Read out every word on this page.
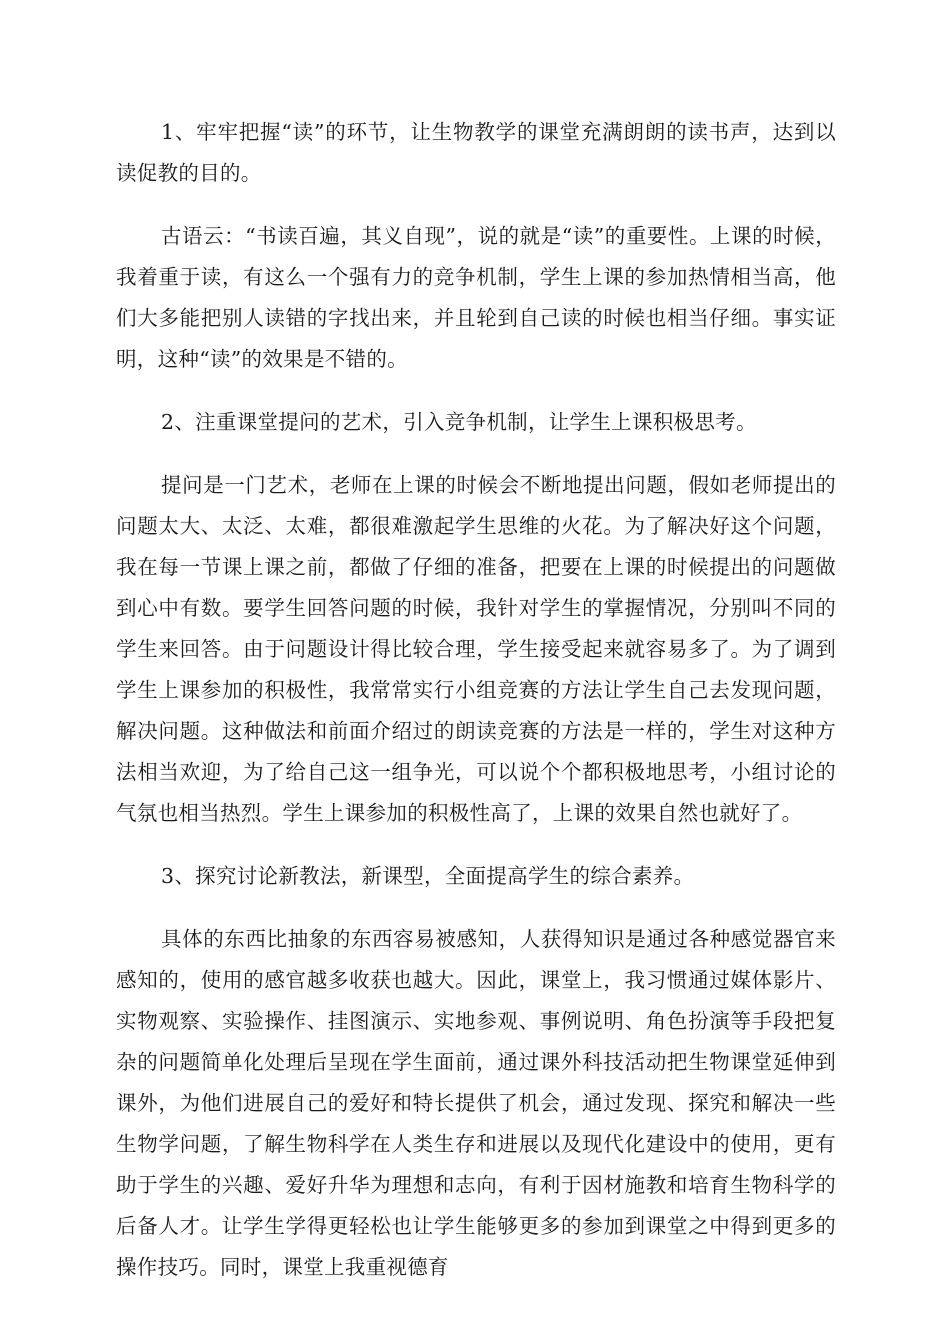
1、牢牢把握“读”的环节，让生物教学的课堂充满朗朗的读书声，达到以读促教的目的。

古语云：“书读百遍，其义自现”，说的就是“读”的重要性。上课的时候，我着重于读，有这么一个强有力的竞争机制，学生上课的参加热情相当高，他们大多能把别人读错的字找出来，并且轮到自己读的时候也相当仔细。事实证明，这种“读”的效果是不错的。

2、注重课堂提问的艺术，引入竞争机制，让学生上课积极思考。

提问是一门艺术，老师在上课的时候会不断地提出问题，假如老师提出的问题太大、太泛、太难，都很难激起学生思维的火花。为了解决好这个问题，我在每一节课上课之前，都做了仔细的准备，把要在上课的时候提出的问题做到心中有数。要学生回答问题的时候，我针对学生的掌握情况，分别叫不同的学生来回答。由于问题设计得比较合理，学生接受起来就容易多了。为了调到学生上课参加的积极性，我常常实行小组竞赛的方法让学生自己去发现问题，解决问题。这种做法和前面介绍过的朗读竞赛的方法是一样的，学生对这种方法相当欢迎，为了给自己这一组争光，可以说个个都积极地思考，小组讨论的气氛也相当热烈。学生上课参加的积极性高了，上课的效果自然也就好了。

3、探究讨论新教法，新课型，全面提高学生的综合素养。

具体的东西比抽象的东西容易被感知，人获得知识是通过各种感觉器官来感知的，使用的感官越多收获也越大。因此，课堂上，我习惯通过媒体影片、实物观察、实验操作、挂图演示、实地参观、事例说明、角色扮演等手段把复杂的问题简单化处理后呈现在学生面前，通过课外科技活动把生物课堂延伸到课外，为他们进展自己的爱好和特长提供了机会，通过发现、探究和解决一些生物学问题，了解生物科学在人类生存和进展以及现代化建设中的使用，更有助于学生的兴趣、爱好升华为理想和志向，有利于因材施教和培育生物科学的后备人才。让学生学得更轻松也让学生能够更多的参加到课堂之中得到更多的操作技巧。同时，课堂上我重视德育
